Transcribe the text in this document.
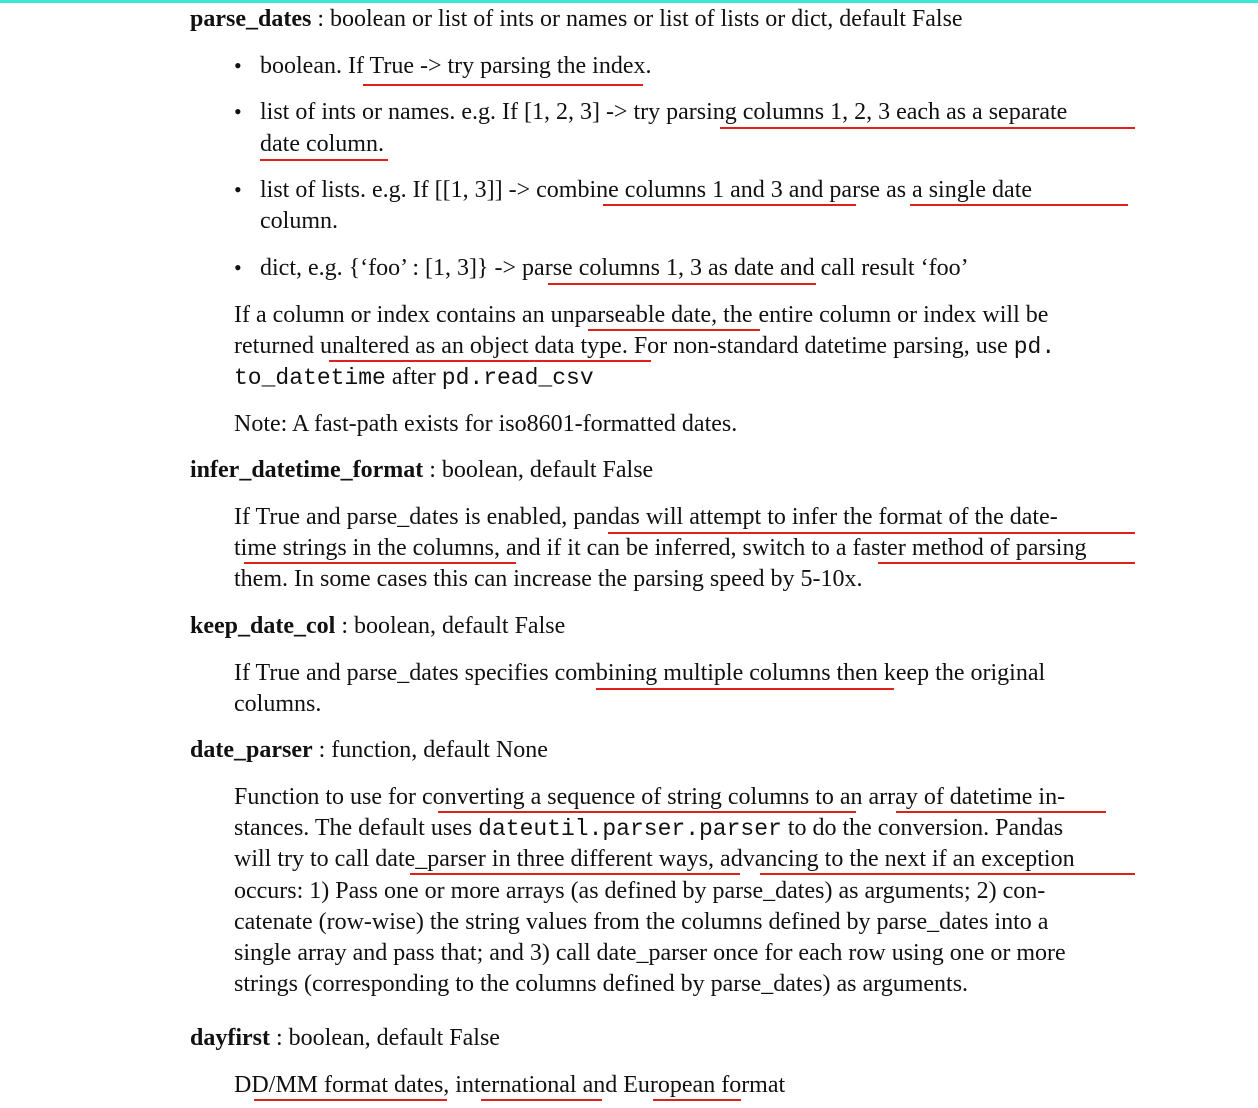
parse_dates : boolean or list of ints or names or list of lists or dict, default False
• boolean. If True -> try parsing the index.
• list of ints or names. e.g. If [1, 2, 3] -> try parsing columns 1, 2, 3 each as a separate
date column.
• list of lists. e.g. If [[1, 3]] -> combine columns 1 and 3 and parse as a single date
column.
• dict, e.g. {‘foo’ : [1, 3]} -> parse columns 1, 3 as date and call result ‘foo’
If a column or index contains an unparseable date, the entire column or index will be
returned unaltered as an object data type. For non-standard datetime parsing, use pd.
to_datetime after pd.read_csv
Note: A fast-path exists for iso8601-formatted dates.
infer_datetime_format : boolean, default False
If True and parse_dates is enabled, pandas will attempt to infer the format of the date-
time strings in the columns, and if it can be inferred, switch to a faster method of parsing
them. In some cases this can increase the parsing speed by 5-10x.
keep_date_col : boolean, default False
If True and parse_dates specifies combining multiple columns then keep the original
columns.
date_parser : function, default None
Function to use for converting a sequence of string columns to an array of datetime in-
stances. The default uses dateutil.parser.parser to do the conversion. Pandas
will try to call date_parser in three different ways, advancing to the next if an exception
occurs: 1) Pass one or more arrays (as defined by parse_dates) as arguments; 2) con-
catenate (row-wise) the string values from the columns defined by parse_dates into a
single array and pass that; and 3) call date_parser once for each row using one or more
strings (corresponding to the columns defined by parse_dates) as arguments.
dayfirst : boolean, default False
DD/MM format dates, international and European format
